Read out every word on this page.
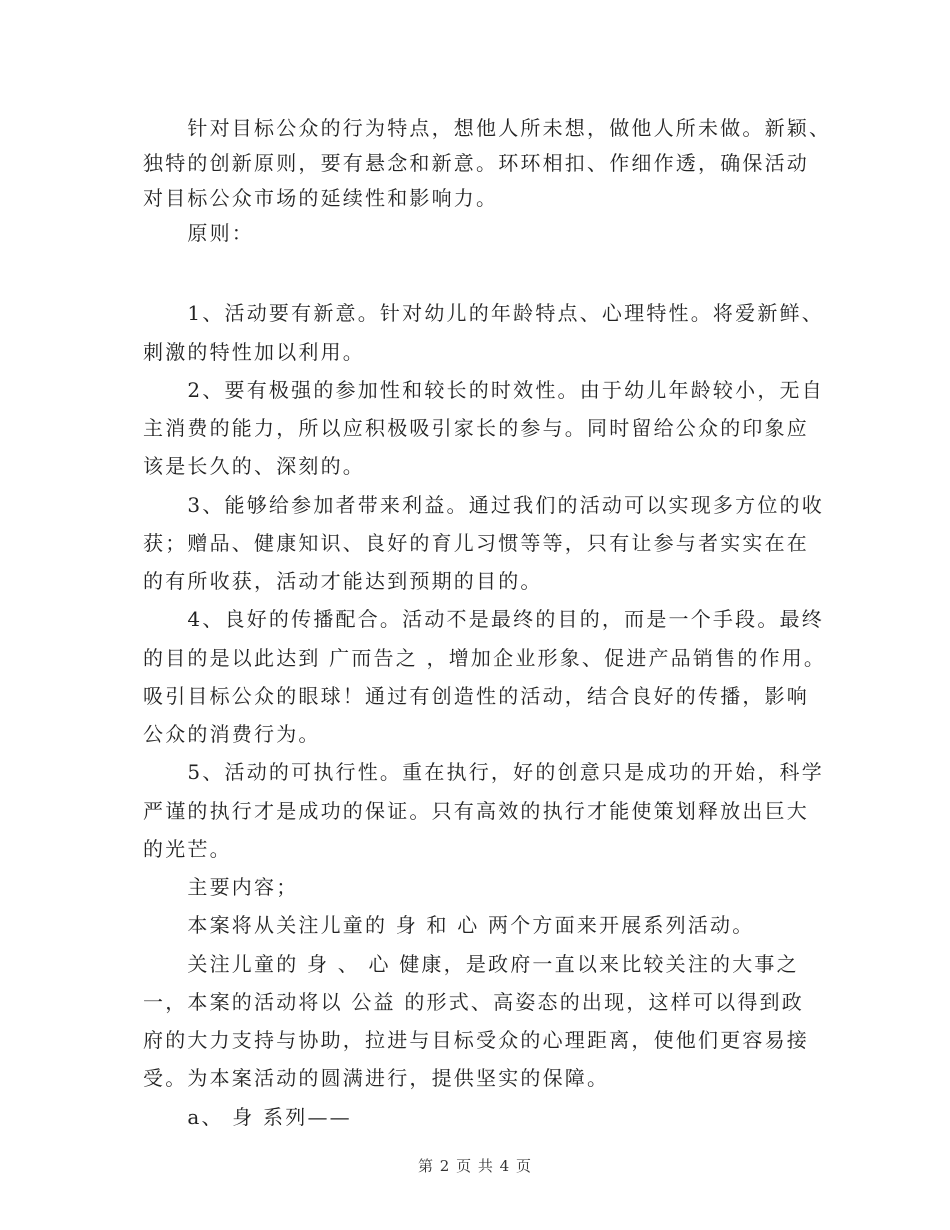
　　针对目标公众的行为特点，想他人所未想，做他人所未做。新颖、
独特的创新原则，要有悬念和新意。环环相扣、作细作透，确保活动
对目标公众市场的延续性和影响力。
　　原则：
　　1、活动要有新意。针对幼儿的年龄特点、心理特性。将爱新鲜、
刺激的特性加以利用。
　　2、要有极强的参加性和较长的时效性。由于幼儿年龄较小，无自
主消费的能力，所以应积极吸引家长的参与。同时留给公众的印象应
该是长久的、深刻的。
　　3、能够给参加者带来利益。通过我们的活动可以实现多方位的收
获；赠品、健康知识、良好的育儿习惯等等，只有让参与者实实在在
的有所收获，活动才能达到预期的目的。
　　4、良好的传播配合。活动不是最终的目的，而是一个手段。最终
的目的是以此达到 广而告之 ，增加企业形象、促进产品销售的作用。
吸引目标公众的眼球！通过有创造性的活动，结合良好的传播，影响
公众的消费行为。
　　5、活动的可执行性。重在执行，好的创意只是成功的开始，科学
严谨的执行才是成功的保证。只有高效的执行才能使策划释放出巨大
的光芒。
　　主要内容；
　　本案将从关注儿童的 身 和 心 两个方面来开展系列活动。
　　关注儿童的 身 、 心 健康，是政府一直以来比较关注的大事之
一，本案的活动将以 公益 的形式、高姿态的出现，这样可以得到政
府的大力支持与协助，拉进与目标受众的心理距离，使他们更容易接
受。为本案活动的圆满进行，提供坚实的保障。
　　a、 身 系列——
第 2 页 共 4 页
